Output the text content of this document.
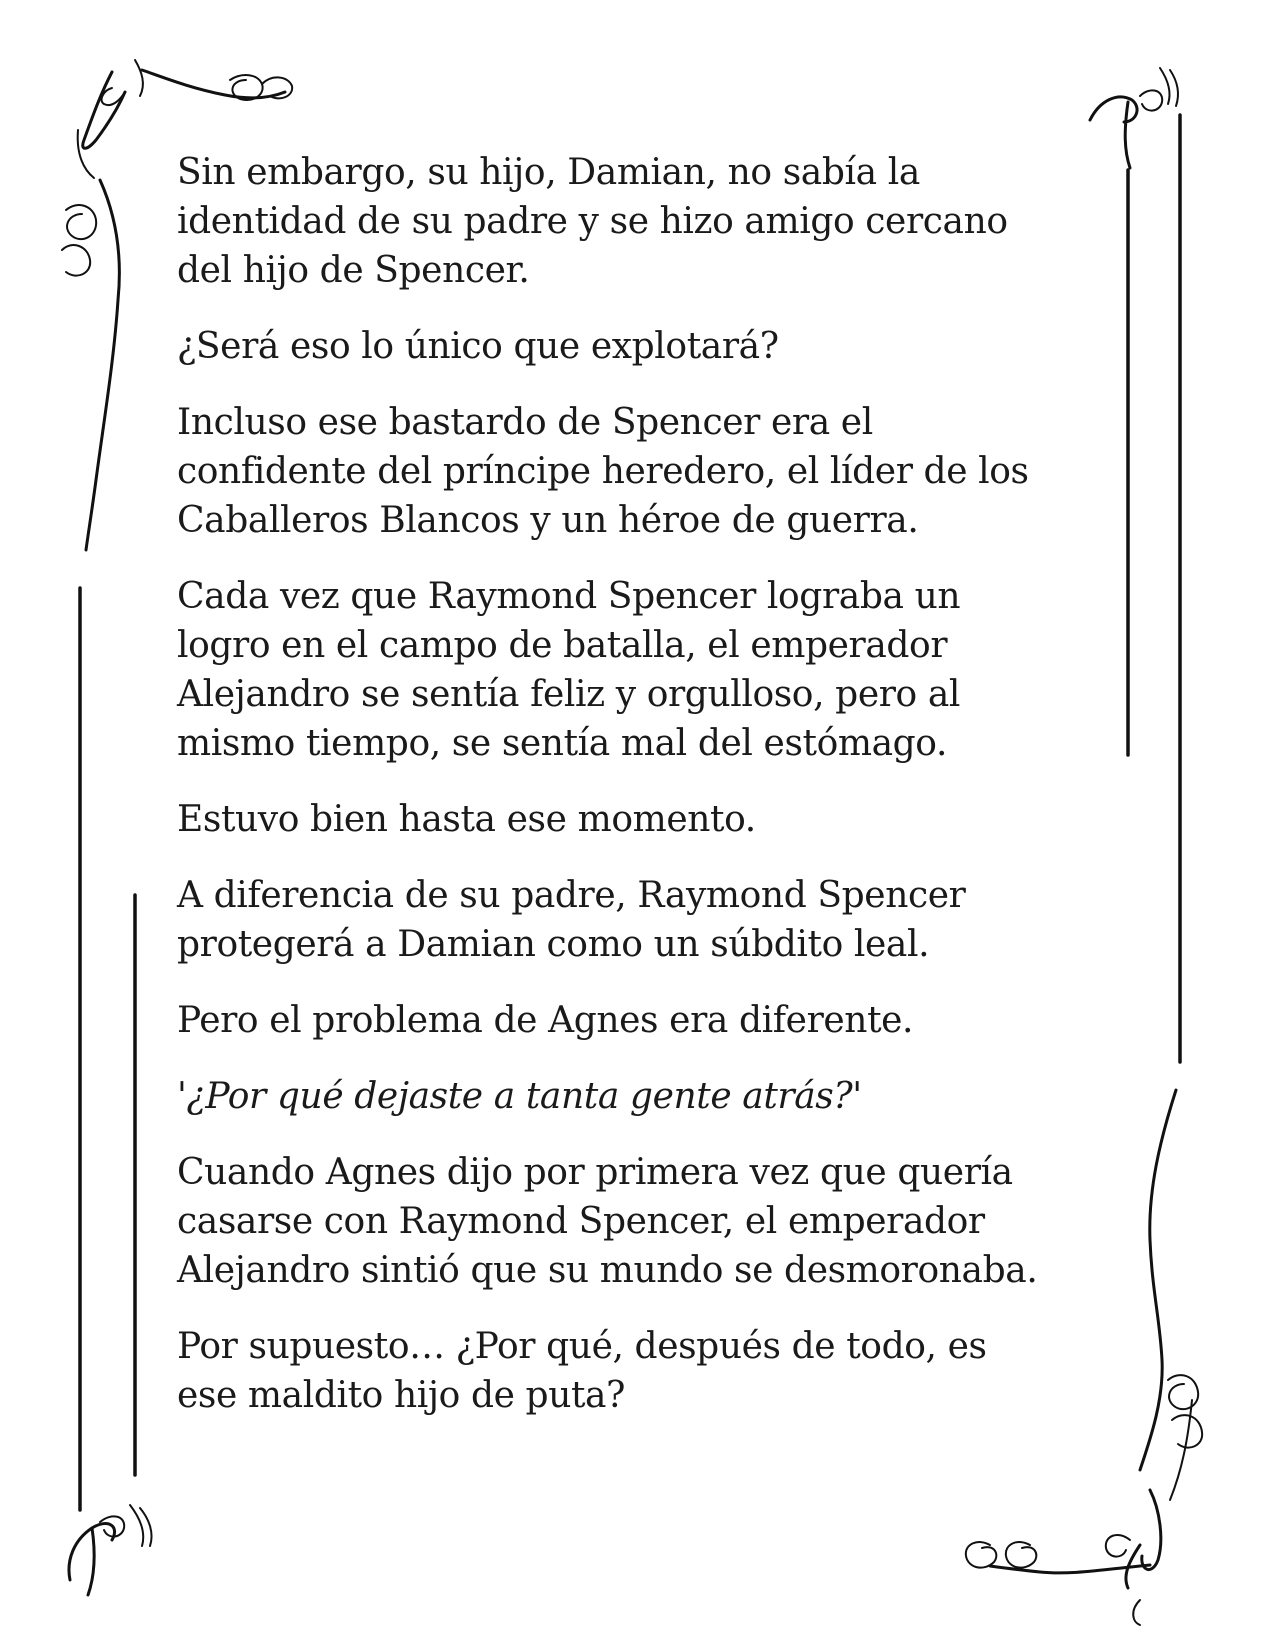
Sin embargo, su hijo, Damian, no sabía la
identidad de su padre y se hizo amigo cercano
del hijo de Spencer.

¿Será eso lo único que explotará?

Incluso ese bastardo de Spencer era el
confidente del príncipe heredero, el líder de los
Caballeros Blancos y un héroe de guerra.

Cada vez que Raymond Spencer lograba un
logro en el campo de batalla, el emperador
Alejandro se sentía feliz y orgulloso, pero al
mismo tiempo, se sentía mal del estómago.

Estuvo bien hasta ese momento.

A diferencia de su padre, Raymond Spencer
protegerá a Damian como un súbdito leal.

Pero el problema de Agnes era diferente.

'¿Por qué dejaste a tanta gente atrás?'

Cuando Agnes dijo por primera vez que quería
casarse con Raymond Spencer, el emperador
Alejandro sintió que su mundo se desmoronaba.

Por supuesto… ¿Por qué, después de todo, es
ese maldito hijo de puta?
